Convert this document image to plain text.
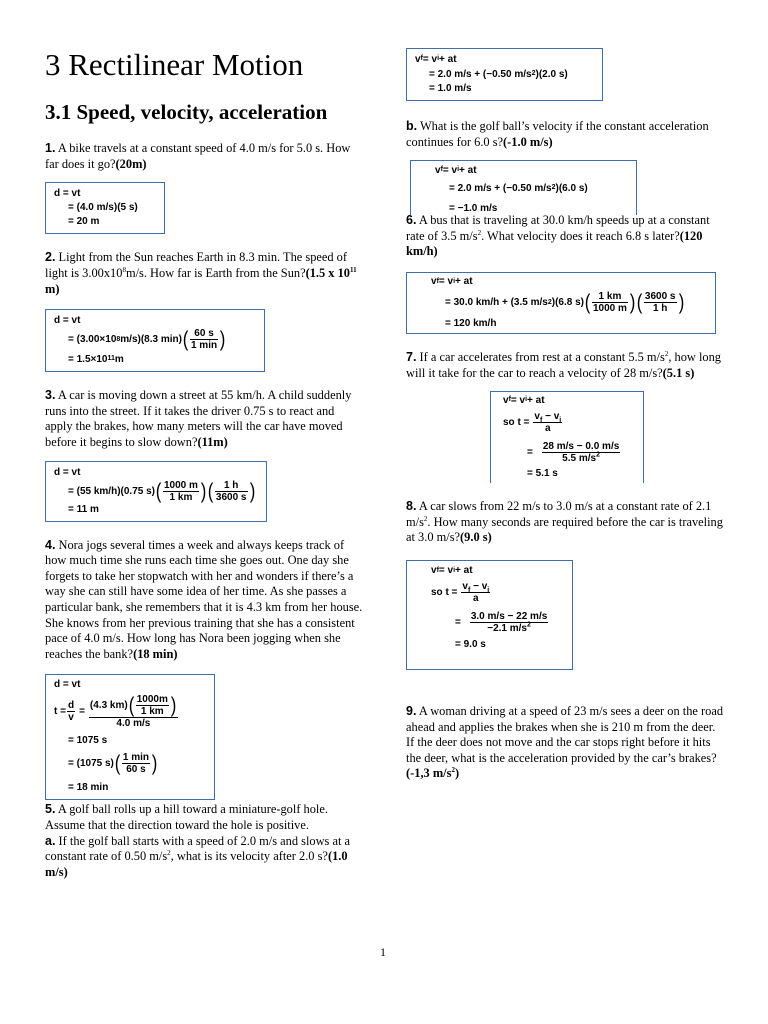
3 Rectilinear Motion
3.1 Speed, velocity, acceleration

1. A bike travels at a constant speed of 4.0 m/s for 5.0 s. How far does it go?(20m)

d = vt
= (4.0 m/s)(5 s)
= 20 m

2. Light from the Sun reaches Earth in 8.3 min. The speed of light is $3.00x10^8m/s$. How far is Earth from the Sun?(1.5 x $10^{11}$ m)

d = vt
= (3.00×10 8 m/s)(8.3 min) ( $\frac{60 s}{1 \min}$ )
= 1.5×10 11 m

3. A car is moving down a street at 55 km/h. A child suddenly runs into the street. If it takes the driver 0.75 s to react and apply the brakes, how many meters will the car have moved before it begins to slow down?(11m)

d = vt
= (55 km/h)(0.75 s) ( $\frac{1000 m}{1 km}$ ) ( $\frac{1 h}{3600 s}$ )
= 11 m

4. Nora jogs several times a week and always keeps track of how much time she runs each time she goes out. One day she forgets to take her stopwatch with her and wonders if there’s a way she can still have some idea of her time. As she passes a particular bank, she remembers that it is 4.3 km from her house. She knows from her previous training that she has a consistent pace of 4.0 m/s. How long has Nora been jogging when she reaches the bank?(18 min)

d = vt
$t = \frac{d}{v} = \frac{(4.3 km) ( \frac{1000m}{1 km} )}{4.0 m/s}$
= 1075 s
= (1075 s) ( $\frac{1 \min}{60 s}$ )
= 18 min

5. A golf ball rolls up a hill toward a miniature-golf hole. Assume that the direction toward the hole is positive.

a. If the golf ball starts with a speed of 2.0 m/s and slows at a constant rate of 0.50 $m/s^2$, what is its velocity after 2.0 s?(1.0 m/s)

v f = v i + at
= 2.0 m/s + (−0.50 m/s 2 )(2.0 s)
= 1.0 m/s

b. What is the golf ball’s velocity if the constant acceleration continues for 6.0 s?(-1.0 m/s)

v f = v i + at
= 2.0 m/s + (−0.50 m/s 2 )(6.0 s)
= −1.0 m/s

6. A bus that is traveling at 30.0 km/h speeds up at a constant rate of 3.5 $m/s^2$. What velocity does it reach 6.8 s later?(120 km/h)

v f = v i + at
= 30.0 km/h + (3.5 m/s 2 )(6.8 s) ( $\frac{1 km}{1000 m}$ ) ( $\frac{3600 s}{1 h}$ )
= 120 km/h

7. If a car accelerates from rest at a constant 5.5 $m/s^2$, how long will it take for the car to reach a velocity of 28 m/s?(5.1 s)

v f = v i + at
so $t = \frac{v_f - v_i}{a}$
= $\frac{28 m/s - 0.0 m/s}{5.5 m/s^2}$
= 5.1 s

8. A car slows from 22 m/s to 3.0 m/s at a constant rate of 2.1 $m/s^2$. How many seconds are required before the car is traveling at 3.0 m/s?(9.0 s)

v f = v i + at
so $t = \frac{v_f - v_i}{a}$
= $\frac{3.0 m/s - 22 m/s}{-2.1 m/s^2}$
= 9.0 s

9. A woman driving at a speed of 23 m/s sees a deer on the road ahead and applies the brakes when she is 210 m from the deer. If the deer does not move and the car stops right before it hits the deer, what is the acceleration provided by the car’s brakes?(-1,3 $m/s^2$)

1
